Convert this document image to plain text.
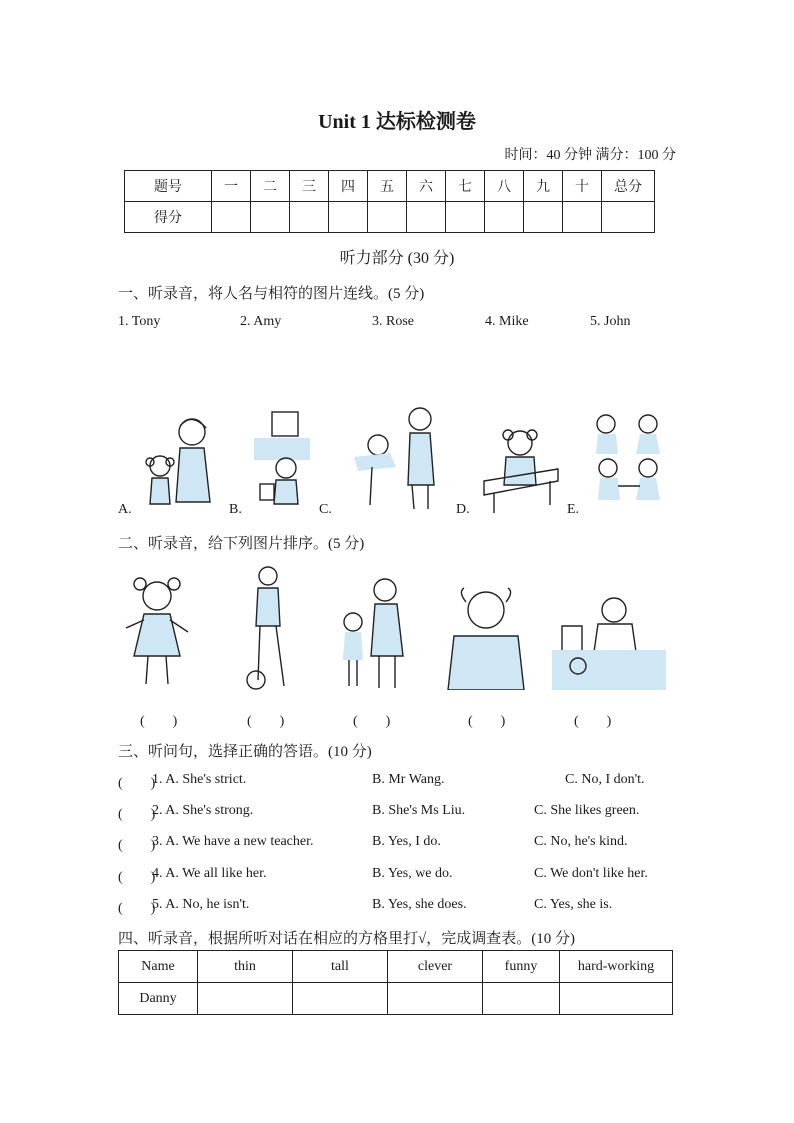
Unit 1 达标检测卷
时间：40 分钟 满分：100 分
题号	一	二	三	四	五	六	七	八	九	十	总分
得分											
听力部分 (30 分)
一、听录音，将人名与相符的图片连线。(5 分)
1. Tony	2. Amy	3. Rose	4. Mike	5. John
A.	B.	C.	D.	E.
二、听录音，给下列图片排序。(5 分)
(　　)	(　　)	(　　)	(　　)	(　　)
三、听问句，选择正确的答语。(10 分)
(　　)
1. A. She's strict.	B. Mr Wang.	C. No, I don't.
(　　)
2. A. She's strong.	B. She's Ms Liu.	C. She likes green.
(　　)
3. A. We have a new teacher.	B. Yes, I do.	C. No, he's kind.
(　　)
4. A. We all like her.	B. Yes, we do.	C. We don't like her.
(　　)
5. A. No, he isn't.	B. Yes, she does.	C. Yes, she is.
四、听录音，根据所听对话在相应的方格里打√，完成调查表。(10 分)
Name	thin	tall	clever	funny	hard-working
Danny					
